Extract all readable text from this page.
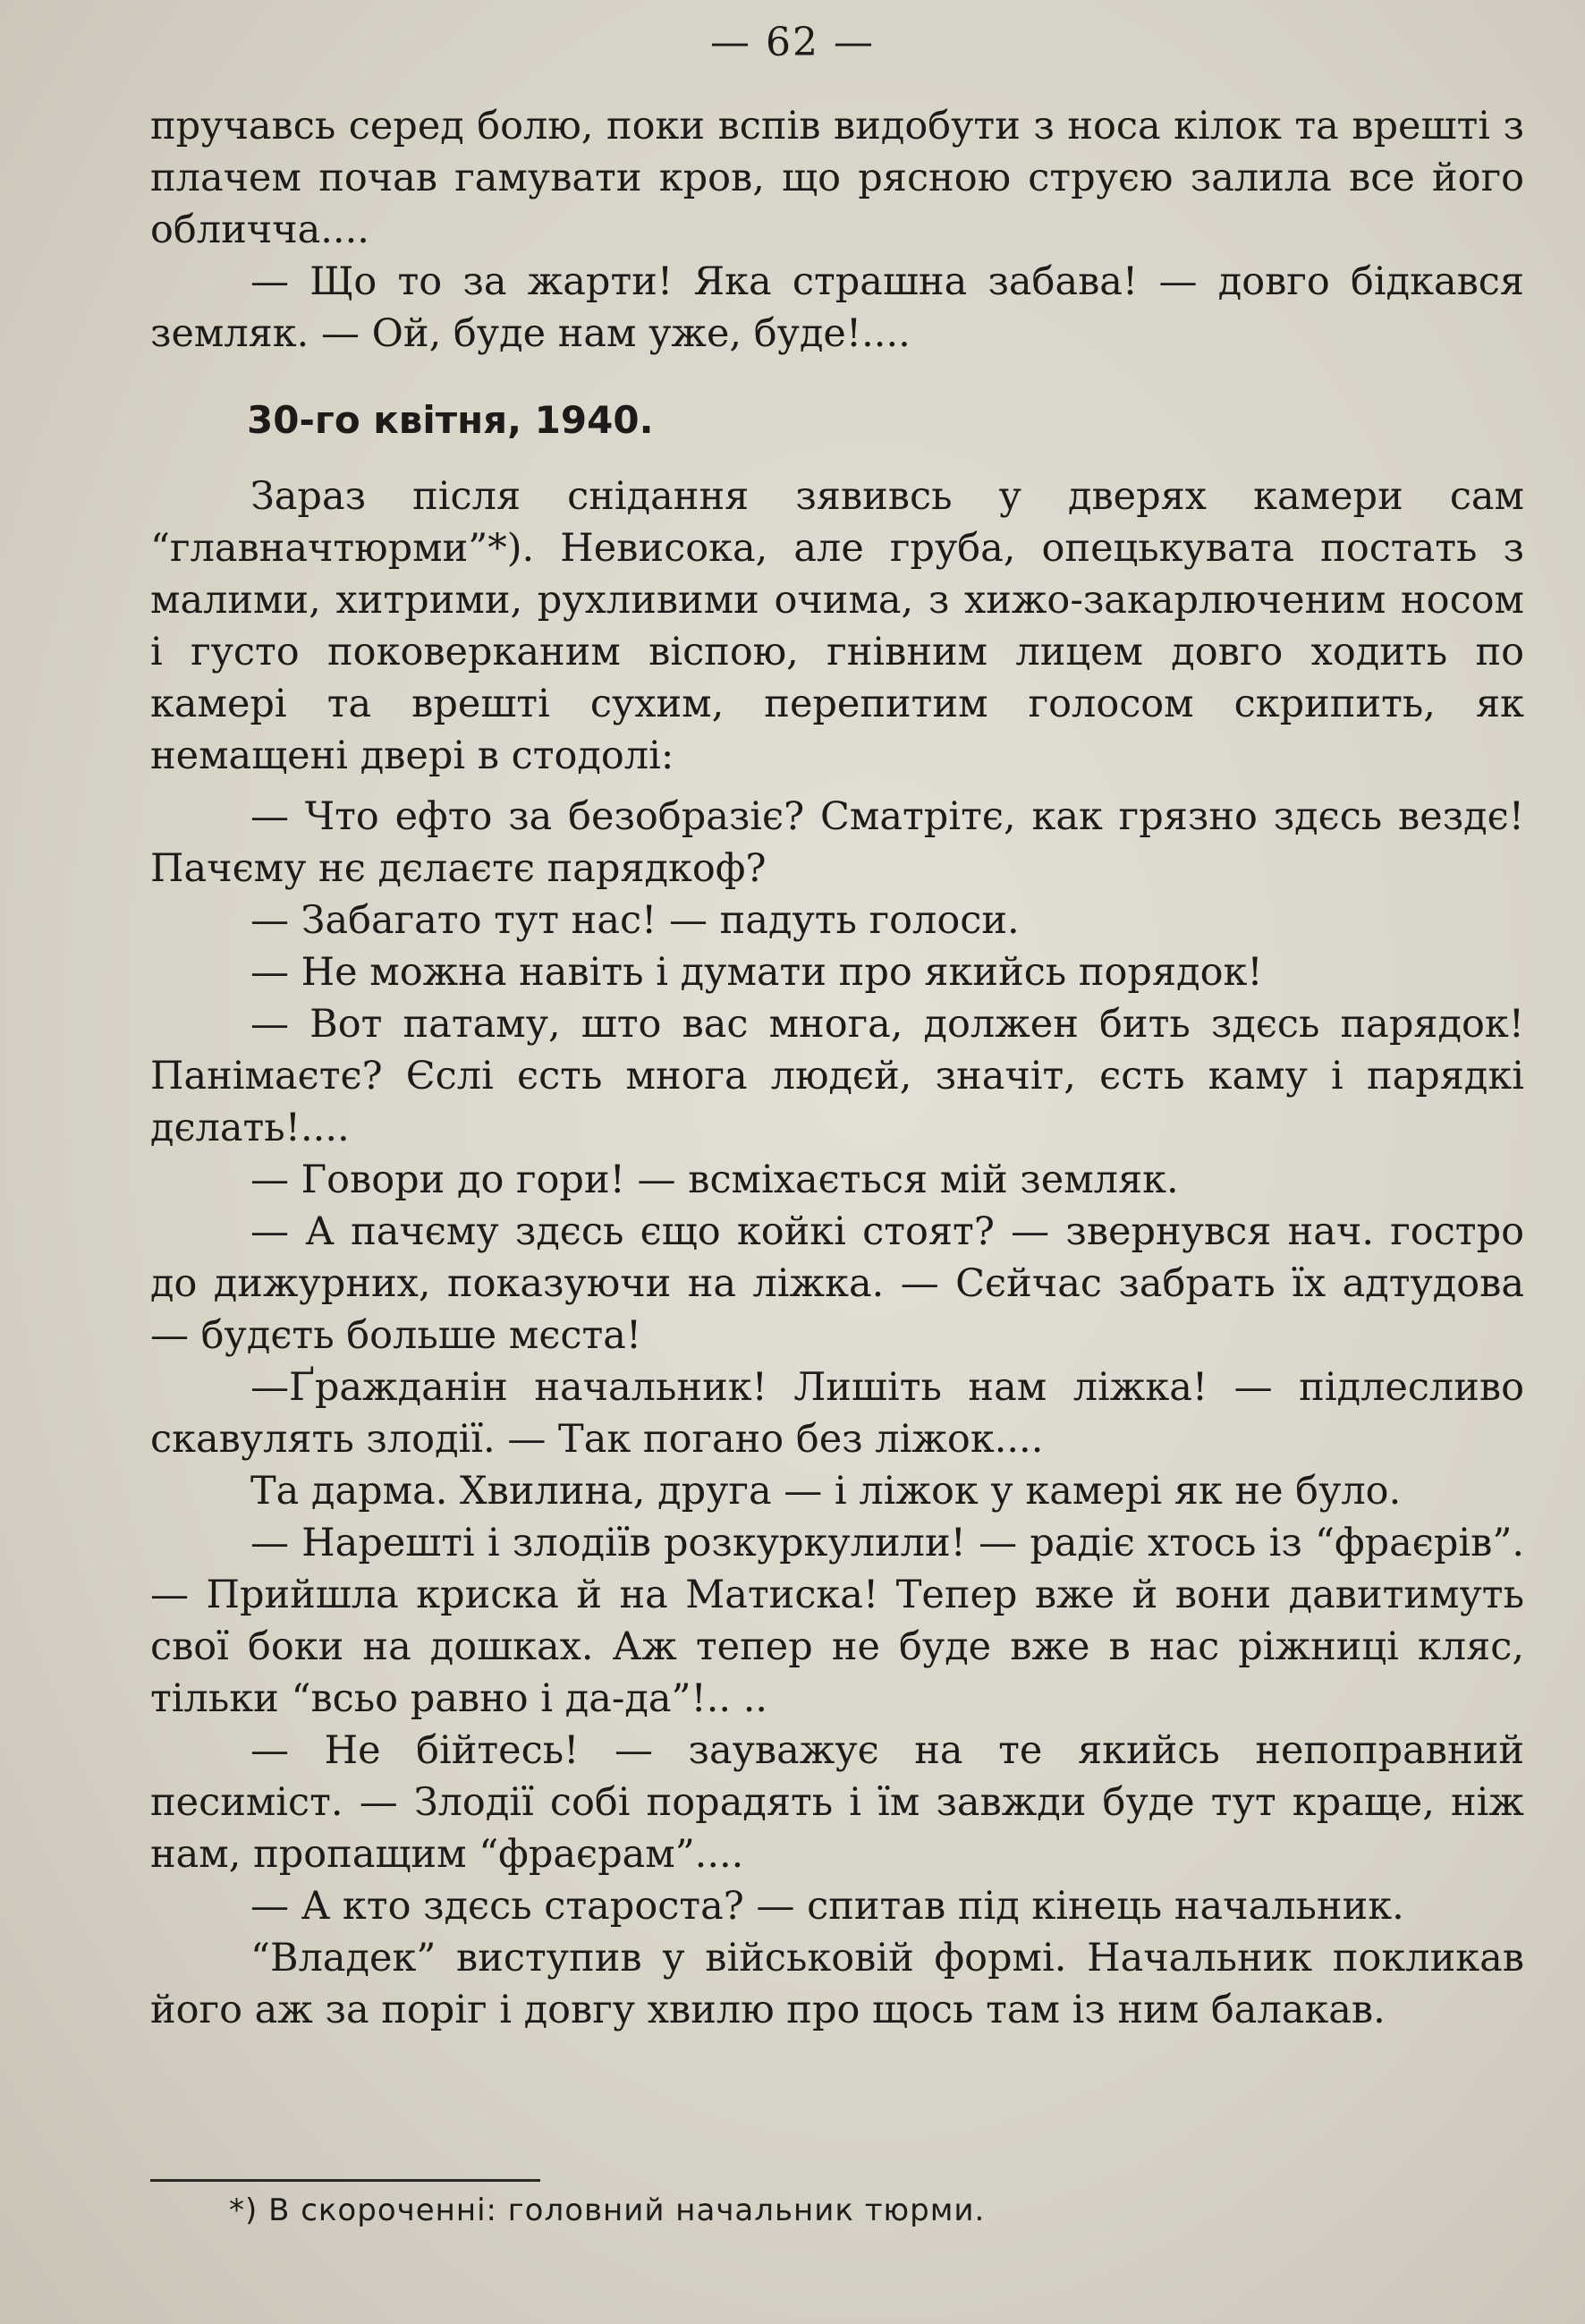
— 62 —

пручавсь серед болю, поки вспів видобути з носа кілок та врешті з плачем почав гамувати кров, що рясною струєю залила все його обличча....

— Що то за жарти! Яка страшна забава! — довго бідкався земляк. — Ой, буде нам уже, буде!....

30-го квітня, 1940.

Зараз після снідання зявивсь у дверях камери сам “главначтюрми”*). Невисока, але груба, опецькувата постать з малими, хитрими, рухливими очима, з хижо-закарлюченим носом і густо поковерканим віспою, гнівним лицем довго ходить по камері та врешті сухим, перепитим голосом скрипить, як немащені двері в стодолі:

— Что ефто за безобразіє? Сматрітє, как грязно здєсь вездє! Пачєму нє дєлаєтє парядкоф?

— Забагато тут нас! — падуть голоси.

— Не можна навіть і думати про якийсь порядок!

— Вот патаму, што вас многа, должен бить здєсь парядок! Панімаєтє? Єслі єсть многа людєй, значіт, єсть каму і парядкі дєлать!....

— Говори до гори! — всміхається мій земляк.

— А пачєму здєсь єщо койкі стоят? — звернувся нач. гостро до дижурних, показуючи на ліжка. — Сєйчас забрать їх адтудова — будєть больше мєста!

—Ґражданін начальник! Лишіть нам ліжка! — підлесливо скавулять злодії. — Так погано без ліжок....

Та дарма. Хвилина, друга — і ліжок у камері як не було.

— Нарешті і злодіїв розкуркулили! — радіє хтось із “фраєрів”. — Прийшла криска й на Матиска! Тепер вже й вони давитимуть свої боки на дошках. Аж тепер не буде вже в нас ріжниці кляс, тільки “всьо равно і да-да”!.. ..

— Не бійтесь! — зауважує на те якийсь непоправний песиміст. — Злодії собі порадять і їм завжди буде тут краще, ніж нам, пропащим “фраєрам”....

— А кто здєсь староста? — спитав під кінець начальник.

“Владек” виступив у військовій формі. Начальник покликав його аж за поріг і довгу хвилю про щось там із ним балакав.

*) В скороченні: головний начальник тюрми.
